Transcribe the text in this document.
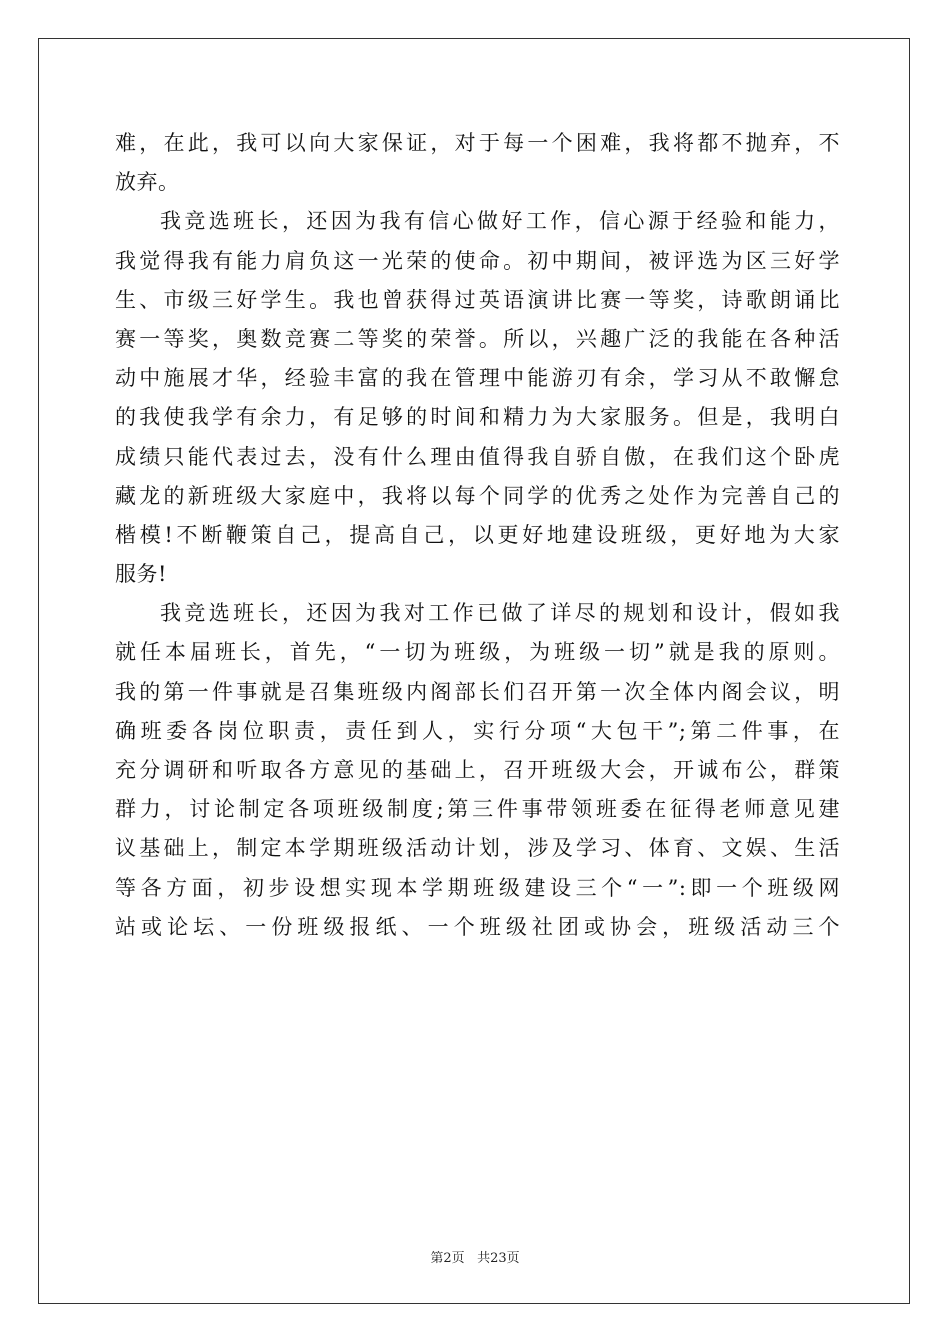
难，在此，我可以向大家保证，对于每一个困难，我将都不抛弃，不
放弃。
我竞选班长，还因为我有信心做好工作，信心源于经验和能力，
我觉得我有能力肩负这一光荣的使命。初中期间，被评选为区三好学
生、市级三好学生。我也曾获得过英语演讲比赛一等奖，诗歌朗诵比
赛一等奖，奥数竞赛二等奖的荣誉。所以，兴趣广泛的我能在各种活
动中施展才华，经验丰富的我在管理中能游刃有余，学习从不敢懈怠
的我使我学有余力，有足够的时间和精力为大家服务。但是，我明白
成绩只能代表过去，没有什么理由值得我自骄自傲，在我们这个卧虎
藏龙的新班级大家庭中，我将以每个同学的优秀之处作为完善自己的
楷模!不断鞭策自己，提高自己，以更好地建设班级，更好地为大家
服务!
我竞选班长，还因为我对工作已做了详尽的规划和设计，假如我
就任本届班长，首先，“一切为班级，为班级一切”就是我的原则。
我的第一件事就是召集班级内阁部长们召开第一次全体内阁会议，明
确班委各岗位职责，责任到人，实行分项“大包干”;第二件事，在
充分调研和听取各方意见的基础上，召开班级大会，开诚布公，群策
群力，讨论制定各项班级制度;第三件事带领班委在征得老师意见建
议基础上，制定本学期班级活动计划，涉及学习、体育、文娱、生活
等各方面，初步设想实现本学期班级建设三个“一”:即一个班级网
站或论坛、一份班级报纸、一个班级社团或协会，班级活动三个
第2页 共23页
